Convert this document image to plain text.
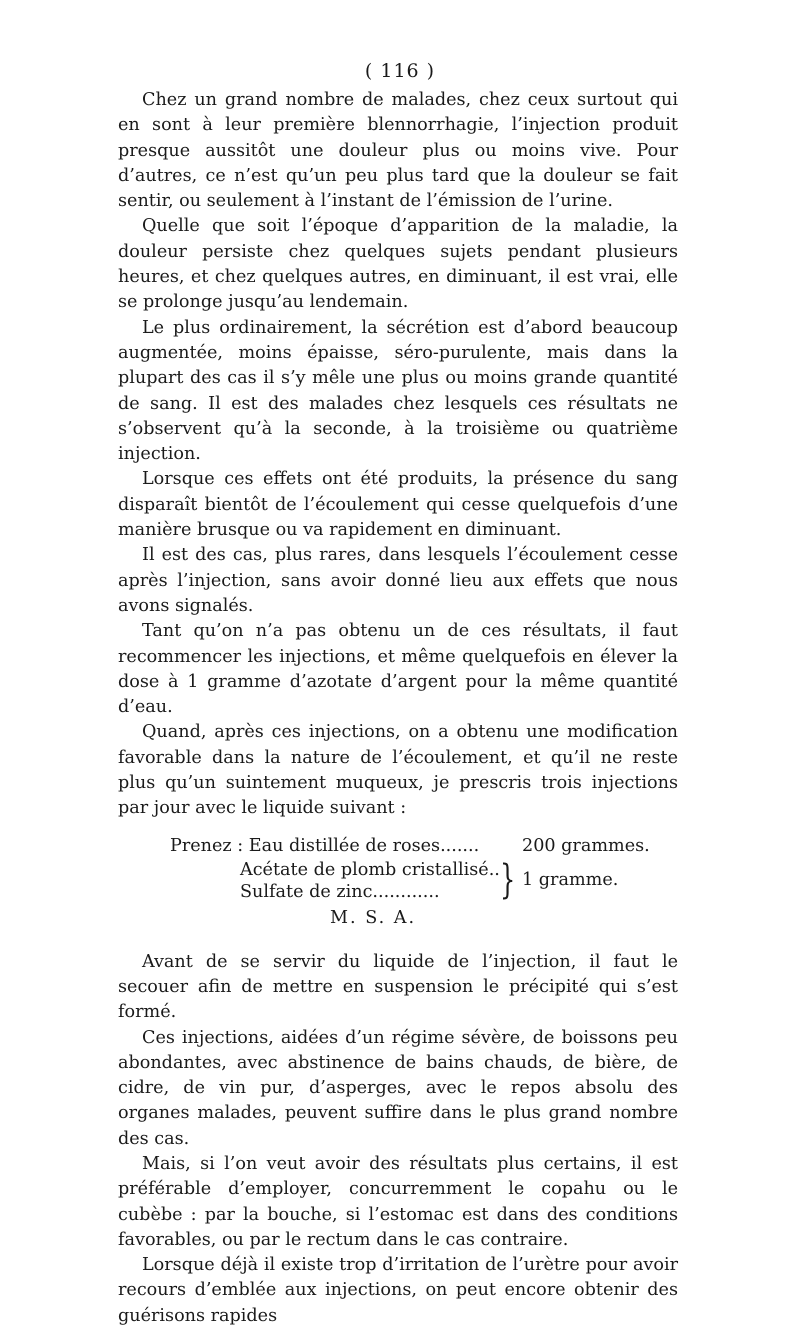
( 116 )

Chez un grand nombre de malades, chez ceux surtout qui en sont à leur première blennorrhagie, l’injection produit presque aussitôt une douleur plus ou moins vive. Pour d’autres, ce n’est qu’un peu plus tard que la douleur se fait sentir, ou seulement à l’instant de l’émission de l’urine.

Quelle que soit l’époque d’apparition de la maladie, la douleur persiste chez quelques sujets pendant plusieurs heures, et chez quelques autres, en diminuant, il est vrai, elle se prolonge jusqu’au lendemain.

Le plus ordinairement, la sécrétion est d’abord beaucoup augmentée, moins épaisse, séro-purulente, mais dans la plupart des cas il s’y mêle une plus ou moins grande quantité de sang. Il est des malades chez lesquels ces résultats ne s’observent qu’à la seconde, à la troisième ou quatrième injection.

Lorsque ces effets ont été produits, la présence du sang disparaît bientôt de l’écoulement qui cesse quelquefois d’une manière brusque ou va rapidement en diminuant.

Il est des cas, plus rares, dans lesquels l’écoulement cesse après l’injection, sans avoir donné lieu aux effets que nous avons signalés.

Tant qu’on n’a pas obtenu un de ces résultats, il faut recommencer les injections, et même quelquefois en élever la dose à 1 gramme d’azotate d’argent pour la même quantité d’eau.

Quand, après ces injections, on a obtenu une modification favorable dans la nature de l’écoulement, et qu’il ne reste plus qu’un suintement muqueux, je prescris trois injections par jour avec le liquide suivant :

Prenez : Eau distillée de roses....... 200 grammes.
Acétate de plomb cristallisé..
Sulfate de zinc............ } 1 gramme.
M. S. A.

Avant de se servir du liquide de l’injection, il faut le secouer afin de mettre en suspension le précipité qui s’est formé.

Ces injections, aidées d’un régime sévère, de boissons peu abondantes, avec abstinence de bains chauds, de bière, de cidre, de vin pur, d’asperges, avec le repos absolu des organes malades, peuvent suffire dans le plus grand nombre des cas.

Mais, si l’on veut avoir des résultats plus certains, il est préférable d’employer, concurremment le copahu ou le cubèbe : par la bouche, si l’estomac est dans des conditions favorables, ou par le rectum dans le cas contraire.

Lorsque déjà il existe trop d’irritation de l’urètre pour avoir recours d’emblée aux injections, on peut encore obtenir des guérisons rapides
